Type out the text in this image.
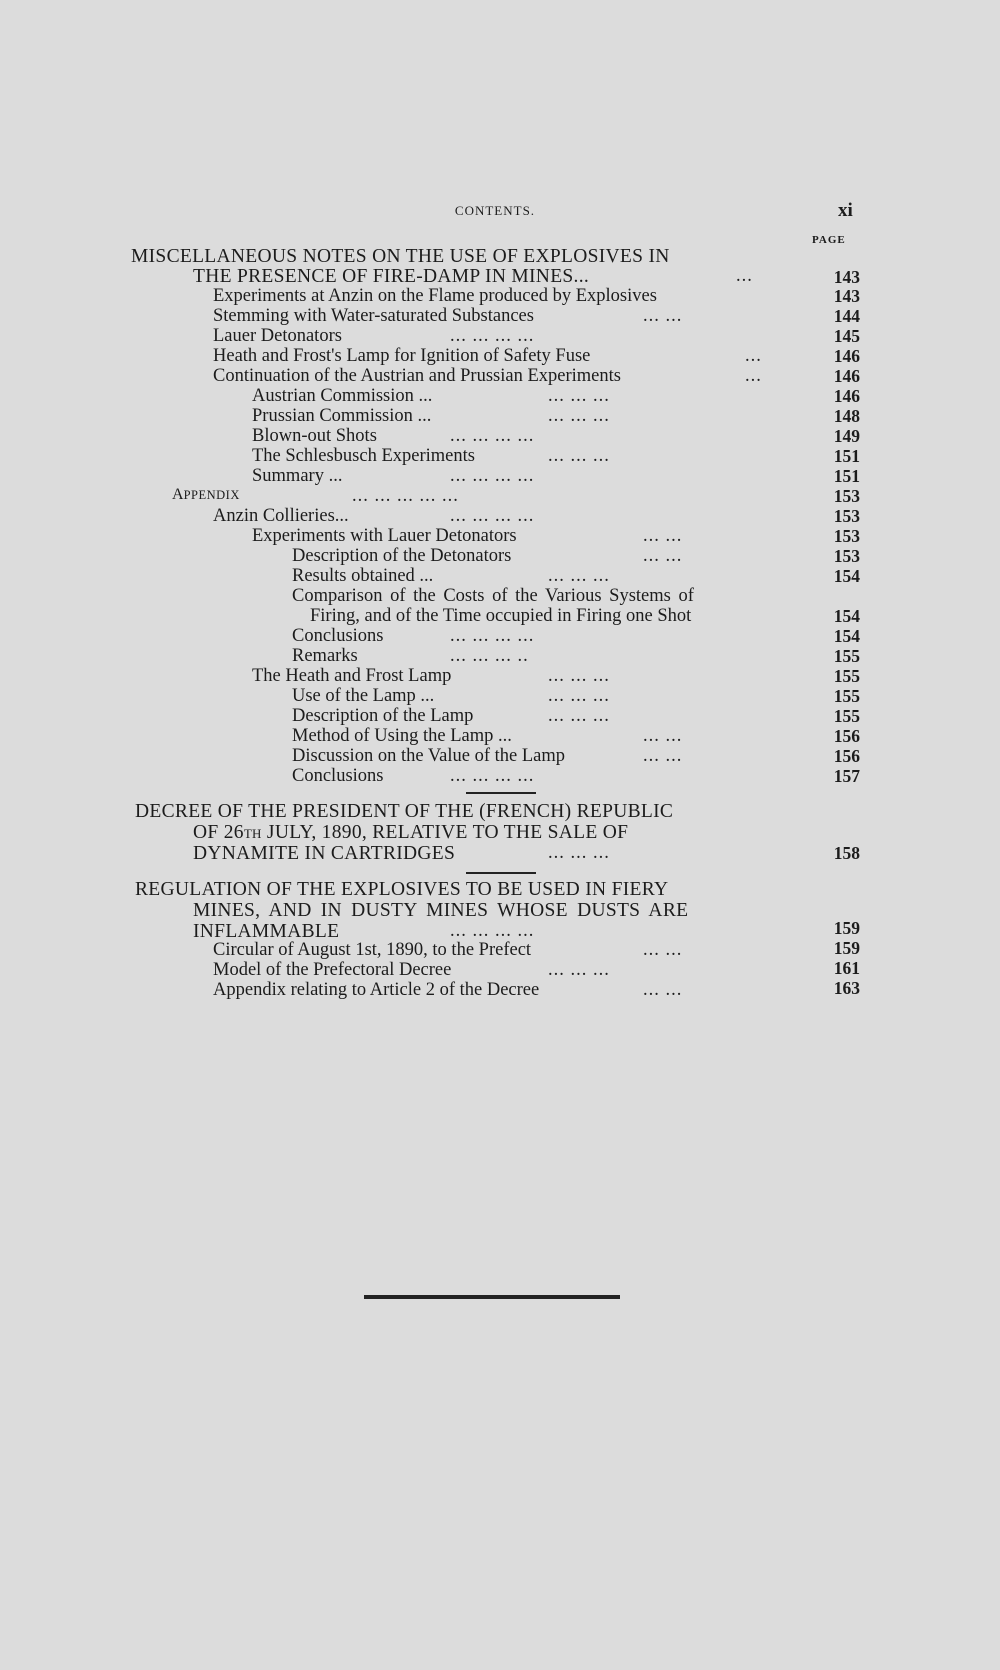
CONTENTS.	xi
PAGE
MISCELLANEOUS NOTES ON THE USE OF EXPLOSIVES IN
THE PRESENCE OF FIRE-DAMP IN MINES...	...	143
Experiments at Anzin on the Flame produced by Explosives	143
Stemming with Water-saturated Substances	... ...	144
Lauer Detonators	... ... ... ...	145
Heath and Frost's Lamp for Ignition of Safety Fuse	...	146
Continuation of the Austrian and Prussian Experiments	...	146
Austrian Commission ...	... ... ...	146
Prussian Commission ...	... ... ...	148
Blown-out Shots	... ... ... ...	149
The Schlesbusch Experiments	... ... ...	151
Summary ...	... ... ... ...	151
APPENDIX	... ... ... ... ...	153
Anzin Collieries...	... ... ... ...	153
Experiments with Lauer Detonators	... ...	153
Description of the Detonators	... ...	153
Results obtained ...	... ... ...	154
Comparison of the Costs of the Various Systems of
Firing, and of the Time occupied in Firing one Shot	154
Conclusions	... ... ... ...	154
Remarks	... ... ... ..	155
The Heath and Frost Lamp	... ... ...	155
Use of the Lamp ...	... ... ...	155
Description of the Lamp	... ... ...	155
Method of Using the Lamp ...	... ...	156
Discussion on the Value of the Lamp	... ...	156
Conclusions	... ... ... ...	157
DECREE OF THE PRESIDENT OF THE (FRENCH) REPUBLIC
OF 26TH JULY, 1890, RELATIVE TO THE SALE OF
DYNAMITE IN CARTRIDGES	... ... ...	158
REGULATION OF THE EXPLOSIVES TO BE USED IN FIERY
MINES, AND IN DUSTY MINES WHOSE DUSTS ARE
INFLAMMABLE	... ... ... ...	159
Circular of August 1st, 1890, to the Prefect	... ...	159
Model of the Prefectoral Decree	... ... ...	161
Appendix relating to Article 2 of the Decree	... ...	163
